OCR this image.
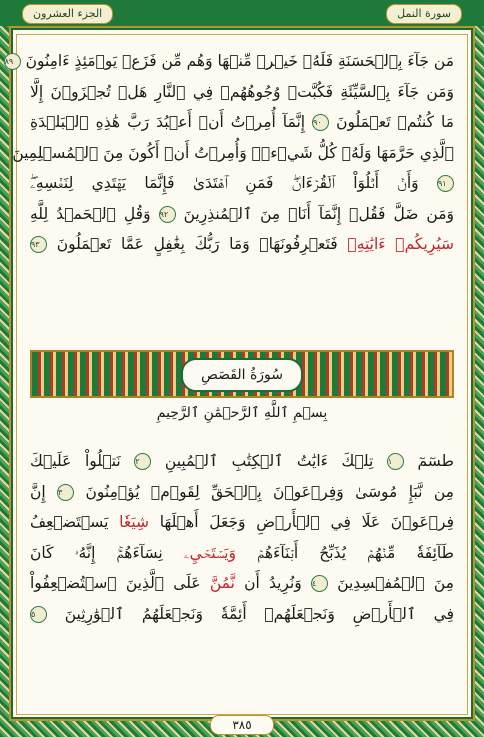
الجزء العشرون	سورة النمل
مَن جَآءَ بِٱلۡحَسَنَةِ فَلَهُۥ خَيۡرٞ مِّنۡهَا وَهُم مِّن فَزَعٖ يَوۡمَئِذٍ ءَامِنُونَ ٨٩
وَمَن جَآءَ بِٱلسَّيِّئَةِ فَكُبَّتۡ وُجُوهُهُمۡ فِي ٱلنَّارِ هَلۡ تُجۡزَوۡنَ إِلَّا
مَا كُنتُمۡ تَعۡمَلُونَ ٩٠ إِنَّمَآ أُمِرۡتُ أَنۡ أَعۡبُدَ رَبَّ هَٰذِهِ ٱلۡبَلۡدَةِ
ٱلَّذِي حَرَّمَهَا وَلَهُۥ كُلُّ شَيۡءٖۖ وَأُمِرۡتُ أَنۡ أَكُونَ مِنَ ٱلۡمُسۡلِمِينَ
٩١ وَأَنۡ أَتۡلُوَاْ ٱلۡقُرۡءَانَۖ فَمَنِ ٱهۡتَدَىٰ فَإِنَّمَا يَهۡتَدِي لِنَفۡسِهِۦۖ
وَمَن ضَلَّ فَقُلۡ إِنَّمَآ أَنَا۠ مِنَ ٱلۡمُنذِرِينَ ٩٢ وَقُلِ ٱلۡحَمۡدُ لِلَّهِ
سَيُرِيكُمۡ ءَايَٰتِهِۦ فَتَعۡرِفُونَهَاۚ وَمَا رَبُّكَ بِغَٰفِلٍ عَمَّا تَعۡمَلُونَ ٩٣
سُورَةُ القَصَصِ
بِسۡمِ ٱللَّهِ ٱلرَّحۡمَٰنِ ٱلرَّحِيمِ
طسٓمٓ ١ تِلۡكَ ءَايَٰتُ ٱلۡكِتَٰبِ ٱلۡمُبِينِ ٢ نَتۡلُواْ عَلَيۡكَ
مِن نَّبَإِ مُوسَىٰ وَفِرۡعَوۡنَ بِٱلۡحَقِّ لِقَوۡمٖ يُؤۡمِنُونَ ٣ إِنَّ
فِرۡعَوۡنَ عَلَا فِي ٱلۡأَرۡضِ وَجَعَلَ أَهۡلَهَا شِيَعٗا يَسۡتَضۡعِفُ
طَآئِفَةٗ مِّنۡهُمۡ يُذَبِّحُ أَبۡنَآءَهُمۡ وَيَسۡتَحۡيِۦ نِسَآءَهُمۡۚ إِنَّهُۥ كَانَ
مِنَ ٱلۡمُفۡسِدِينَ ٤ وَنُرِيدُ أَن نَّمُنَّ عَلَى ٱلَّذِينَ ٱسۡتُضۡعِفُواْ
فِي ٱلۡأَرۡضِ وَنَجۡعَلَهُمۡ أَئِمَّةٗ وَنَجۡعَلَهُمُ ٱلۡوَٰرِثِينَ ٥
٣٨٥
